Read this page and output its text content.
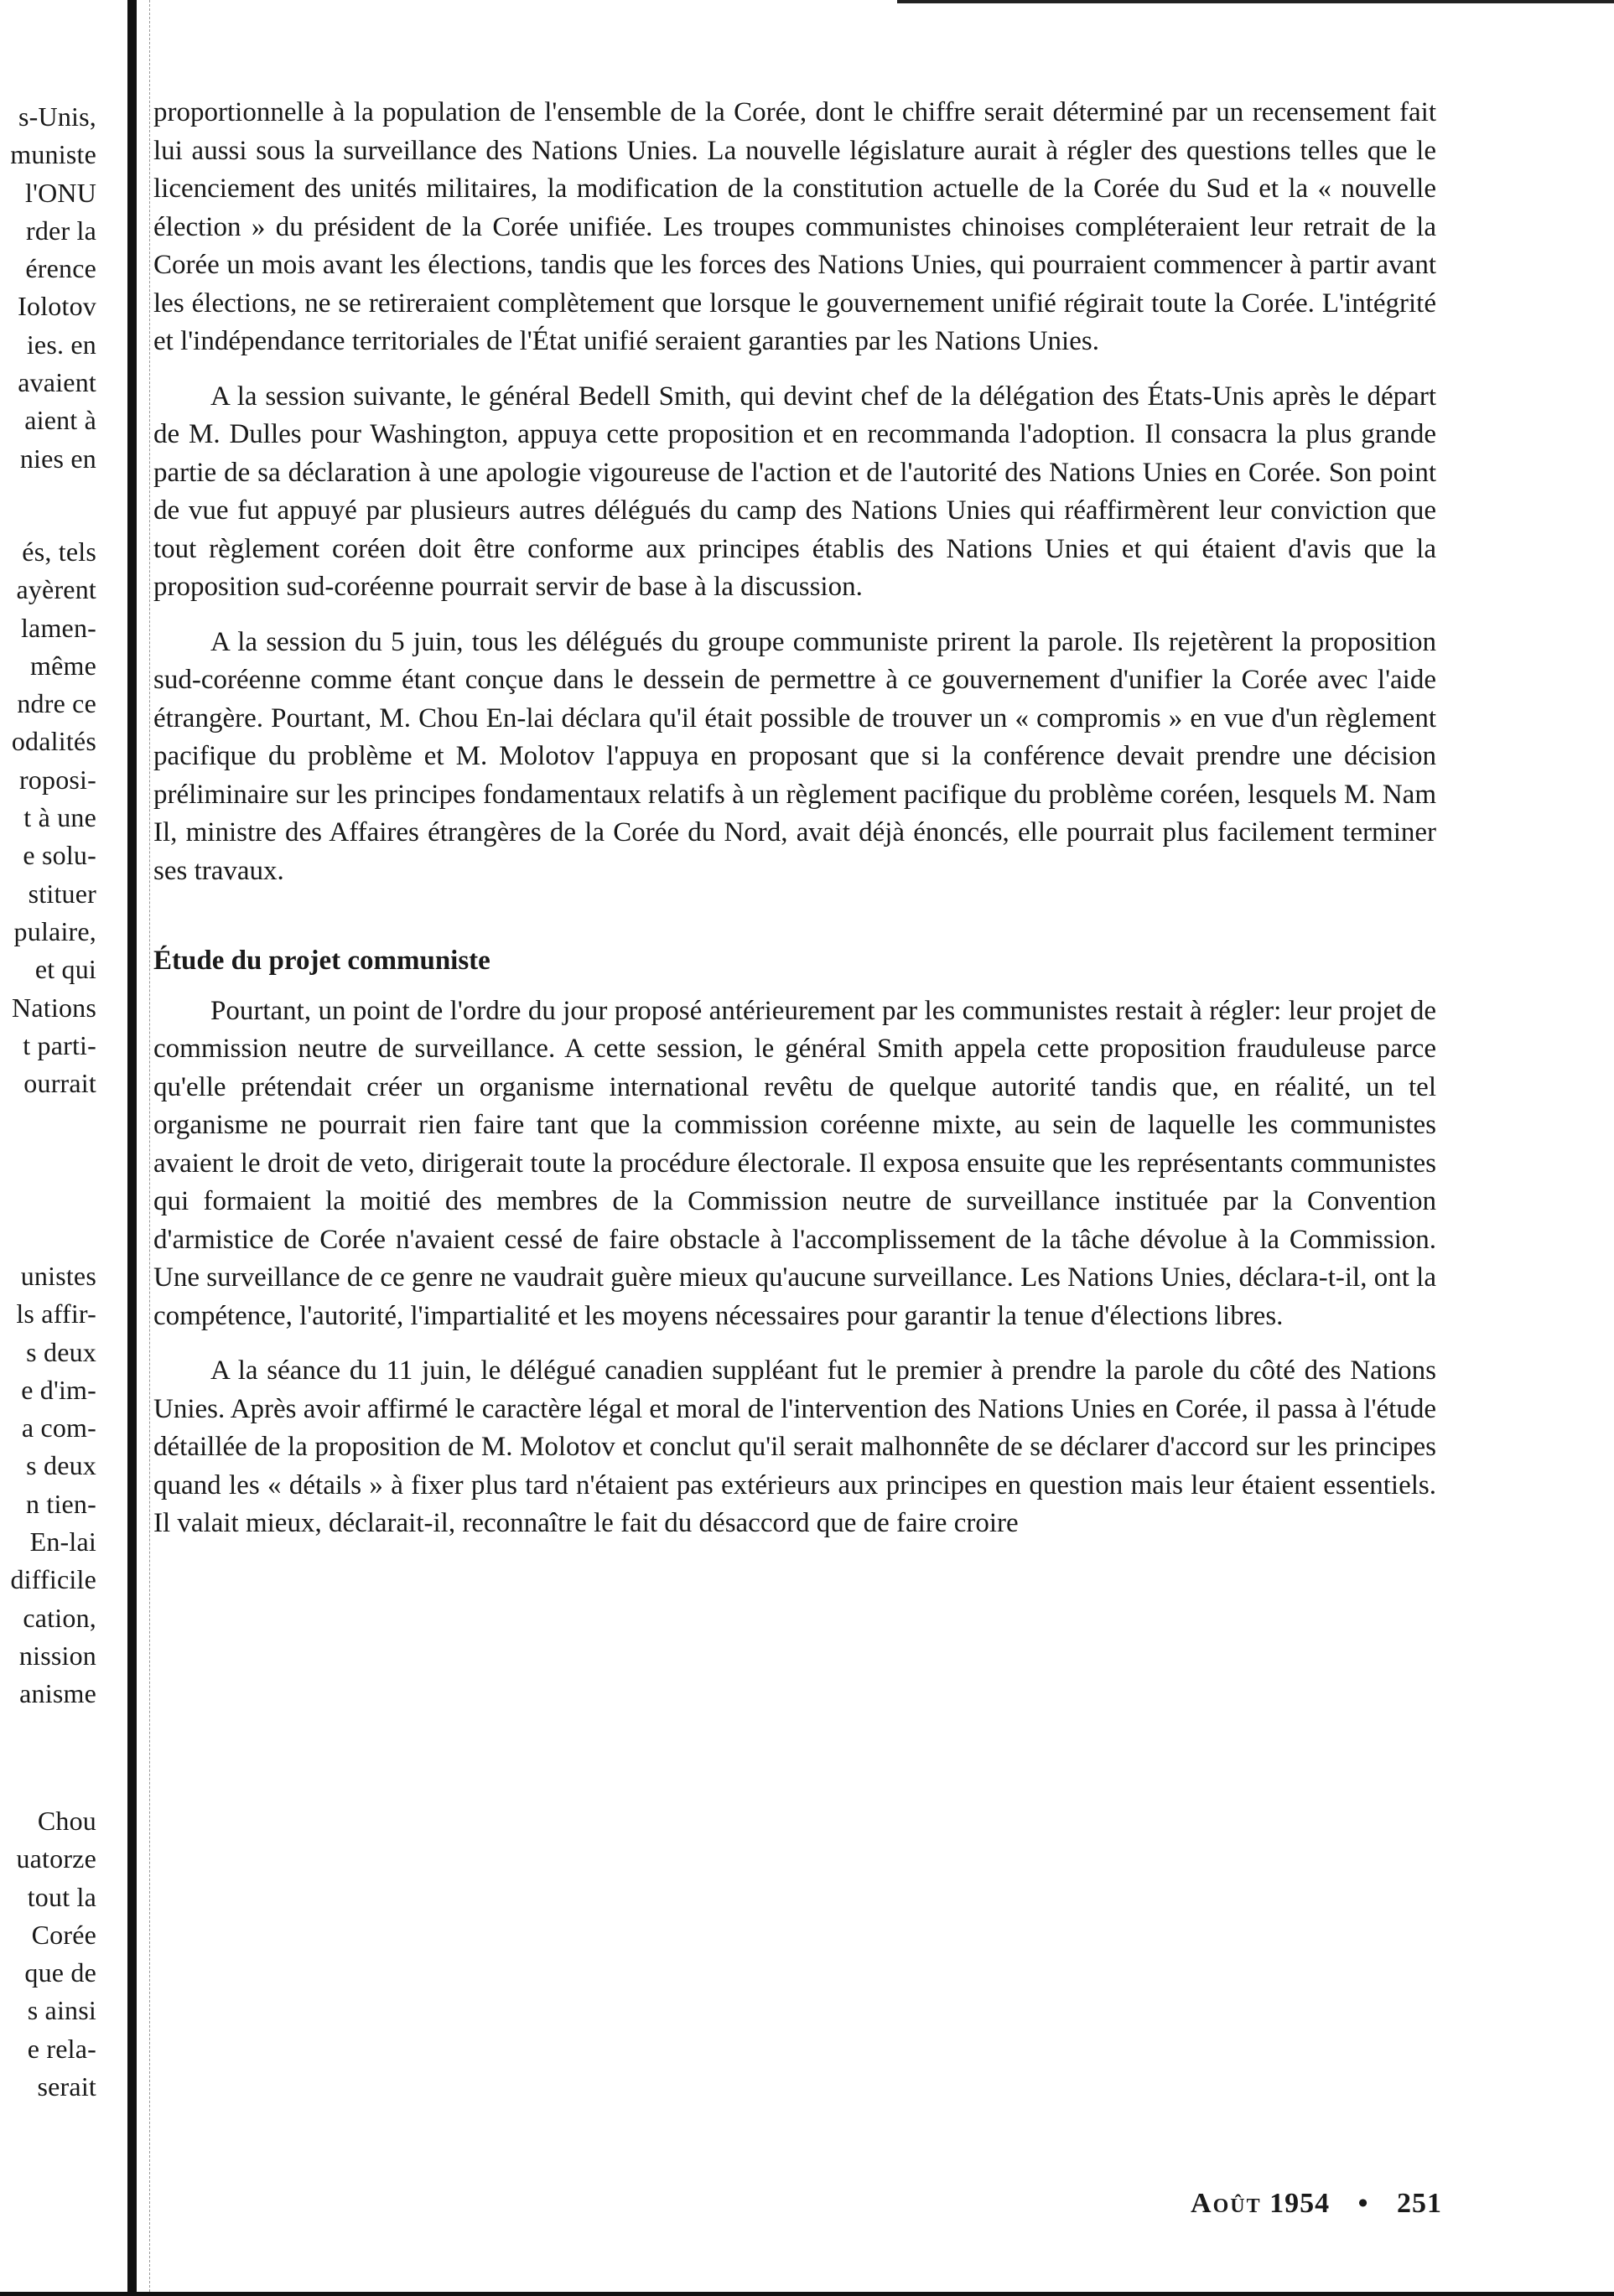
s-Unis,
muniste
l'ONU
rder la
érence
Iolotov
ies. en
avaient
aient à
nies en
és, tels
ayèrent
lamen-
même
ndre ce
odalités
roposi-
t à une
e solu-
stituer
pulaire,
et qui
Nations
t parti-
ourrait
unistes
ls affir-
s deux
e d'im-
a com-
s deux
n tien-
En-lai
difficile
cation,
nission
anisme
Chou
uatorze
tout la
Corée
que de
s ainsi
e rela-
serait

proportionnelle à la population de l'ensemble de la Corée, dont le chiffre serait déterminé par un recensement fait lui aussi sous la surveillance des Nations Unies. La nouvelle législature aurait à régler des questions telles que le licenciement des unités militaires, la modification de la constitution actuelle de la Corée du Sud et la « nouvelle élection » du président de la Corée unifiée. Les troupes communistes chinoises compléteraient leur retrait de la Corée un mois avant les élections, tandis que les forces des Nations Unies, qui pourraient commencer à partir avant les élections, ne se retireraient complètement que lorsque le gouvernement unifié régirait toute la Corée. L'intégrité et l'indépendance territoriales de l'État unifié seraient garanties par les Nations Unies.

A la session suivante, le général Bedell Smith, qui devint chef de la délégation des États-Unis après le départ de M. Dulles pour Washington, appuya cette proposition et en recommanda l'adoption. Il consacra la plus grande partie de sa déclaration à une apologie vigoureuse de l'action et de l'autorité des Nations Unies en Corée. Son point de vue fut appuyé par plusieurs autres délégués du camp des Nations Unies qui réaffirmèrent leur conviction que tout règlement coréen doit être conforme aux principes établis des Nations Unies et qui étaient d'avis que la proposition sud-coréenne pourrait servir de base à la discussion.

A la session du 5 juin, tous les délégués du groupe communiste prirent la parole. Ils rejetèrent la proposition sud-coréenne comme étant conçue dans le dessein de permettre à ce gouvernement d'unifier la Corée avec l'aide étrangère. Pourtant, M. Chou En-lai déclara qu'il était possible de trouver un « compromis » en vue d'un règlement pacifique du problème et M. Molotov l'appuya en proposant que si la conférence devait prendre une décision préliminaire sur les principes fondamentaux relatifs à un règlement pacifique du problème coréen, lesquels M. Nam Il, ministre des Affaires étrangères de la Corée du Nord, avait déjà énoncés, elle pourrait plus facilement terminer ses travaux.

Étude du projet communiste

Pourtant, un point de l'ordre du jour proposé antérieurement par les communistes restait à régler: leur projet de commission neutre de surveillance. A cette session, le général Smith appela cette proposition frauduleuse parce qu'elle prétendait créer un organisme international revêtu de quelque autorité tandis que, en réalité, un tel organisme ne pourrait rien faire tant que la commission coréenne mixte, au sein de laquelle les communistes avaient le droit de veto, dirigerait toute la procédure électorale. Il exposa ensuite que les représentants communistes qui formaient la moitié des membres de la Commission neutre de surveillance instituée par la Convention d'armistice de Corée n'avaient cessé de faire obstacle à l'accomplissement de la tâche dévolue à la Commission. Une surveillance de ce genre ne vaudrait guère mieux qu'aucune surveillance. Les Nations Unies, déclara-t-il, ont la compétence, l'autorité, l'impartialité et les moyens nécessaires pour garantir la tenue d'élections libres.

A la séance du 11 juin, le délégué canadien suppléant fut le premier à prendre la parole du côté des Nations Unies. Après avoir affirmé le caractère légal et moral de l'intervention des Nations Unies en Corée, il passa à l'étude détaillée de la proposition de M. Molotov et conclut qu'il serait malhonnête de se déclarer d'accord sur les principes quand les « détails » à fixer plus tard n'étaient pas extérieurs aux principes en question mais leur étaient essentiels. Il valait mieux, déclarait-il, reconnaître le fait du désaccord que de faire croire

Août 1954 • 251
